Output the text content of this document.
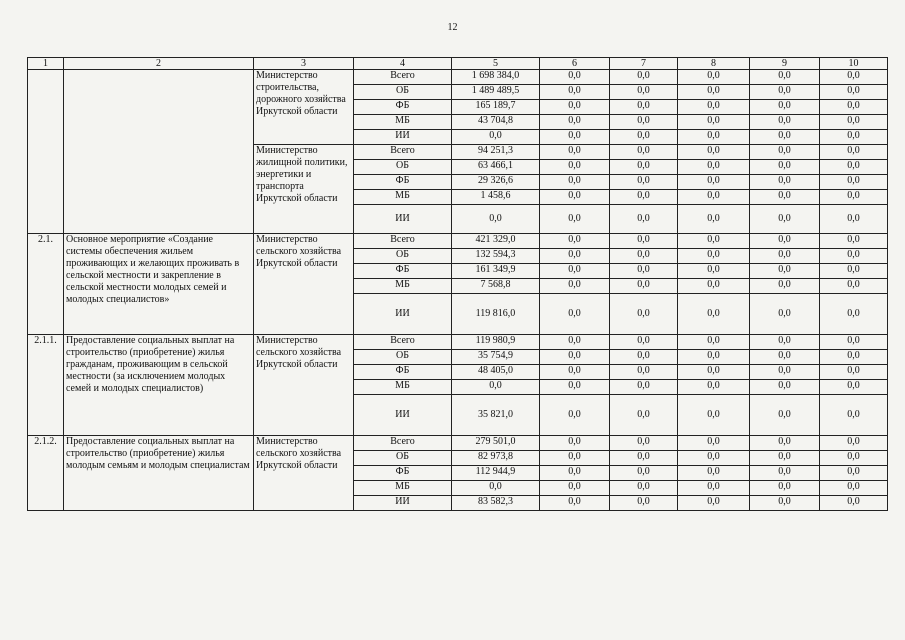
12
1	2	3	4	5	6	7	8	9	10
		Министерство строительства, дорожного хозяйства Иркутской области	Всего	1 698 384,0	0,0	0,0	0,0	0,0	0,0
			ОБ	1 489 489,5	0,0	0,0	0,0	0,0	0,0
			ФБ	165 189,7	0,0	0,0	0,0	0,0	0,0
			МБ	43 704,8	0,0	0,0	0,0	0,0	0,0
			ИИ	0,0	0,0	0,0	0,0	0,0	0,0
		Министерство жилищной политики, энергетики и транспорта Иркутской области	Всего	94 251,3	0,0	0,0	0,0	0,0	0,0
			ОБ	63 466,1	0,0	0,0	0,0	0,0	0,0
			ФБ	29 326,6	0,0	0,0	0,0	0,0	0,0
			МБ	1 458,6	0,0	0,0	0,0	0,0	0,0
			ИИ	0,0	0,0	0,0	0,0	0,0	0,0
2.1.	Основное мероприятие «Создание системы обеспечения жильем проживающих и желающих проживать в сельской местности и закрепление в сельской местности молодых семей и молодых специалистов»	Министерство сельского хозяйства Иркутской области	Всего	421 329,0	0,0	0,0	0,0	0,0	0,0
			ОБ	132 594,3	0,0	0,0	0,0	0,0	0,0
			ФБ	161 349,9	0,0	0,0	0,0	0,0	0,0
			МБ	7 568,8	0,0	0,0	0,0	0,0	0,0
			ИИ	119 816,0	0,0	0,0	0,0	0,0	0,0
2.1.1.	Предоставление социальных выплат на строительство (приобретение) жилья гражданам, проживающим в сельской местности (за исключением молодых семей и молодых специалистов)	Министерство сельского хозяйства Иркутской области	Всего	119 980,9	0,0	0,0	0,0	0,0	0,0
			ОБ	35 754,9	0,0	0,0	0,0	0,0	0,0
			ФБ	48 405,0	0,0	0,0	0,0	0,0	0,0
			МБ	0,0	0,0	0,0	0,0	0,0	0,0
			ИИ	35 821,0	0,0	0,0	0,0	0,0	0,0
2.1.2.	Предоставление социальных выплат на строительство (приобретение) жилья молодым семьям и молодым специалистам	Министерство сельского хозяйства Иркутской области	Всего	279 501,0	0,0	0,0	0,0	0,0	0,0
			ОБ	82 973,8	0,0	0,0	0,0	0,0	0,0
			ФБ	112 944,9	0,0	0,0	0,0	0,0	0,0
			МБ	0,0	0,0	0,0	0,0	0,0	0,0
			ИИ	83 582,3	0,0	0,0	0,0	0,0	0,0
